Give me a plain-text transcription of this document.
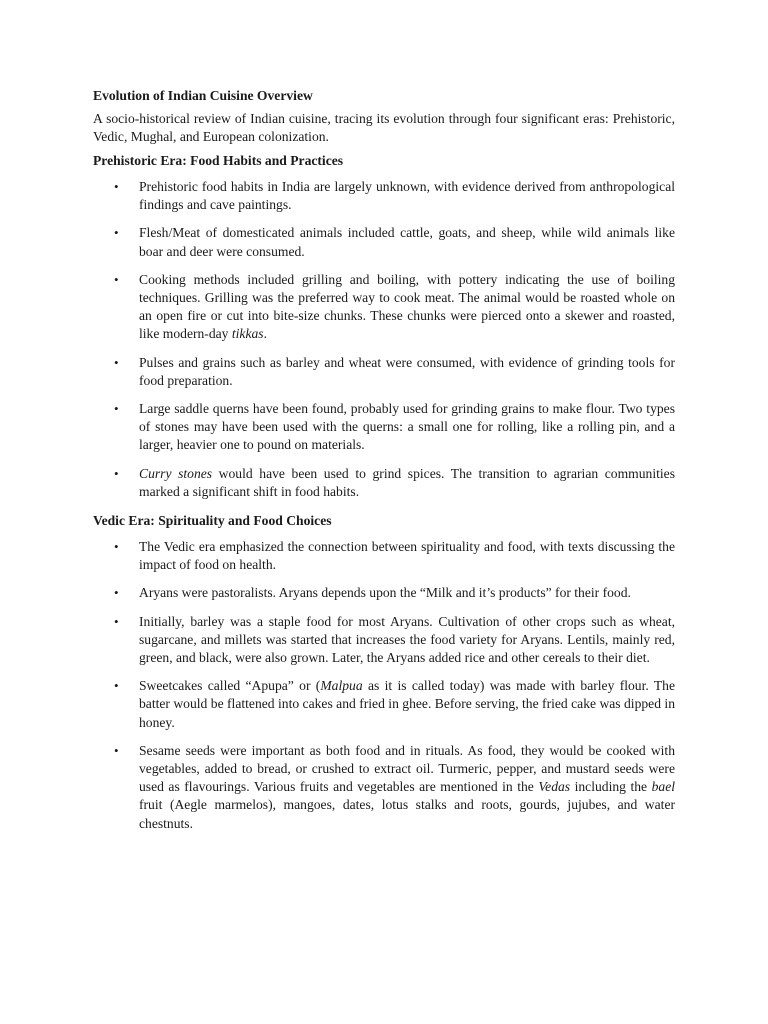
Evolution of Indian Cuisine Overview

A socio-historical review of Indian cuisine, tracing its evolution through four significant eras: Prehistoric, Vedic, Mughal, and European colonization.

Prehistoric Era: Food Habits and Practices
• Prehistoric food habits in India are largely unknown, with evidence derived from anthropological findings and cave paintings.
• Flesh/Meat of domesticated animals included cattle, goats, and sheep, while wild animals like boar and deer were consumed.
• Cooking methods included grilling and boiling, with pottery indicating the use of boiling techniques. Grilling was the preferred way to cook meat. The animal would be roasted whole on an open fire or cut into bite-size chunks. These chunks were pierced onto a skewer and roasted, like modern-day tikkas.
• Pulses and grains such as barley and wheat were consumed, with evidence of grinding tools for food preparation.
• Large saddle querns have been found, probably used for grinding grains to make flour. Two types of stones may have been used with the querns: a small one for rolling, like a rolling pin, and a larger, heavier one to pound on materials.
• Curry stones would have been used to grind spices. The transition to agrarian communities marked a significant shift in food habits.
Vedic Era: Spirituality and Food Choices
• The Vedic era emphasized the connection between spirituality and food, with texts discussing the impact of food on health.
• Aryans were pastoralists. Aryans depends upon the “Milk and it’s products” for their food.
• Initially, barley was a staple food for most Aryans. Cultivation of other crops such as wheat, sugarcane, and millets was started that increases the food variety for Aryans. Lentils, mainly red, green, and black, were also grown. Later, the Aryans added rice and other cereals to their diet.
• Sweetcakes called “Apupa” or (Malpua as it is called today) was made with barley flour. The batter would be flattened into cakes and fried in ghee. Before serving, the fried cake was dipped in honey.
• Sesame seeds were important as both food and in rituals. As food, they would be cooked with vegetables, added to bread, or crushed to extract oil. Turmeric, pepper, and mustard seeds were used as flavourings. Various fruits and vegetables are mentioned in the Vedas including the bael fruit (Aegle marmelos), mangoes, dates, lotus stalks and roots, gourds, jujubes, and water chestnuts.
